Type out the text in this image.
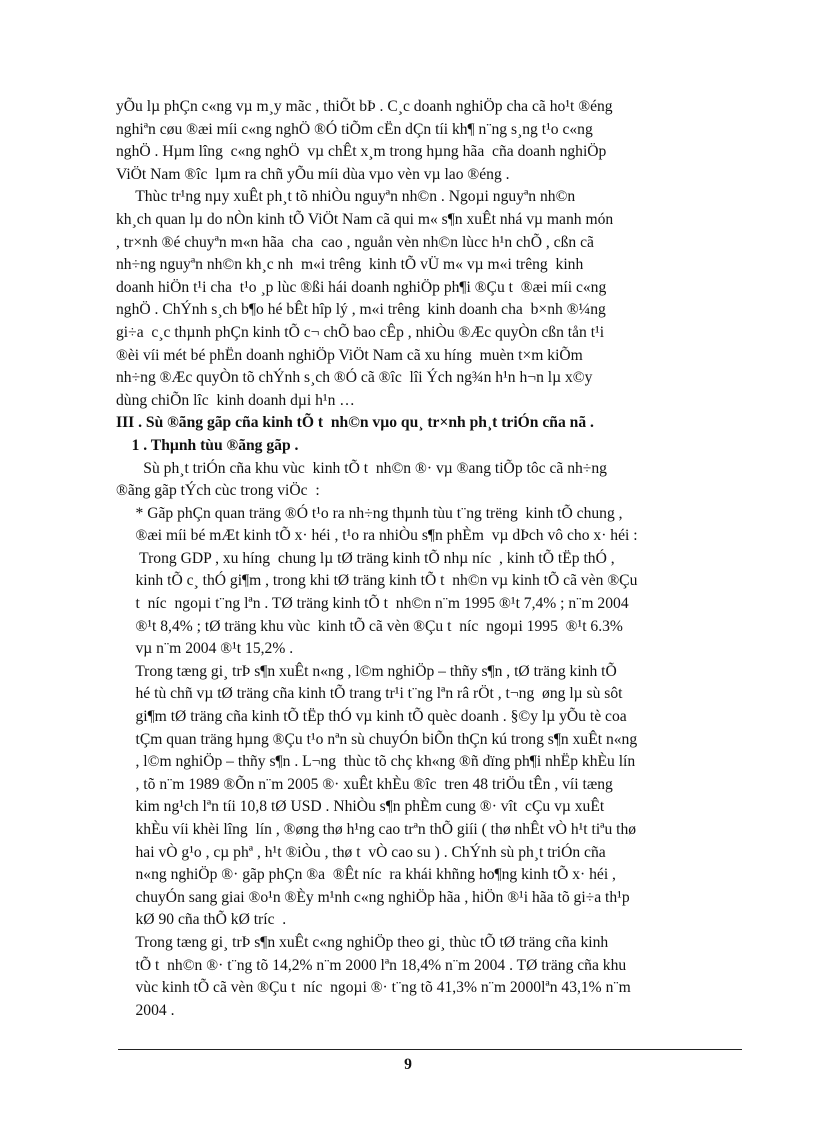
yÕu lµ phÇn c«ng vµ m¸y mãc , thiÕt bÞ . C¸c doanh nghiÖp cha cã ho¹t ®éng
nghiªn cøu ®æi míi c«ng nghÖ ®Ó tiÕm cËn dÇn tíi kh¶ n¨ng s¸ng t¹o c«ng
nghÖ . Hµm lîng  c«ng nghÖ  vµ chÊt x¸m trong hµng hãa  cña doanh nghiÖp
ViÖt Nam ®îc  lµm ra chñ yÕu míi dùa vµo vèn vµ lao ®éng .
Thùc tr¹ng nµy xuÊt ph¸t tõ nhiÒu nguyªn nh©n . Ngoµi nguyªn nh©n
kh¸ch quan lµ do nÒn kinh tÕ ViÖt Nam cã qui m« s¶n xuÊt nhá vµ manh món
, tr×nh ®é chuyªn m«n hãa  cha  cao , nguån vèn nh©n lùcc h¹n chÕ , cßn cã
nh÷ng nguyªn nh©n kh¸c nh  m«i trêng  kinh tÕ vÜ m« vµ m«i trêng  kinh
doanh hiÖn t¹i cha  t¹o ¸p lùc ®ßi hái doanh nghiÖp ph¶i ®Çu t  ®æi míi c«ng
nghÖ . ChÝnh s¸ch b¶o hé bÊt hîp lý , m«i trêng  kinh doanh cha  b×nh ®¼ng
gi÷a  c¸c thµnh phÇn kinh tÕ c¬ chÕ bao cÊp , nhiÒu ®Æc quyÒn cßn tån t¹i
®èi víi mét bé phËn doanh nghiÖp ViÖt Nam cã xu híng  muèn t×m kiÕm
nh÷ng ®Æc quyÒn tõ chÝnh s¸ch ®Ó cã ®îc  lîi Ých ng¾n h¹n h¬n lµ x©y
dùng chiÕn lîc  kinh doanh dµi h¹n …
III . Sù ®ãng gãp cña kinh tÕ t  nh©n vµo qu¸ tr×nh ph¸t triÓn cña nã .
1 . Thµnh tùu ®ãng gãp .
Sù ph¸t triÓn cña khu vùc  kinh tÕ t  nh©n ®· vµ ®ang tiÕp tôc cã nh÷ng
®ãng gãp tÝch cùc trong viÖc  :
* Gãp phÇn quan träng ®Ó t¹o ra nh÷ng thµnh tùu t¨ng trëng  kinh tÕ chung ,
®æi míi bé mÆt kinh tÕ x· héi , t¹o ra nhiÒu s¶n phÈm  vµ dÞch vô cho x· héi :
Trong GDP , xu híng  chung lµ tØ träng kinh tÕ nhµ níc  , kinh tÕ tËp thÓ ,
kinh tÕ c¸ thÓ gi¶m , trong khi tØ träng kinh tÕ t  nh©n vµ kinh tÕ cã vèn ®Çu
t  níc  ngoµi t¨ng lªn . TØ träng kinh tÕ t  nh©n n¨m 1995 ®¹t 7,4% ; n¨m 2004
®¹t 8,4% ; tØ träng khu vùc  kinh tÕ cã vèn ®Çu t  níc  ngoµi 1995  ®¹t 6.3%
vµ n¨m 2004 ®¹t 15,2% .
Trong tæng gi¸ trÞ s¶n xuÊt n«ng , l©m nghiÖp – thñy s¶n , tØ träng kinh tÕ
hé tù chñ vµ tØ träng cña kinh tÕ trang tr¹i t¨ng lªn râ rÖt , t¬ng  øng lµ sù sôt
gi¶m tØ träng cña kinh tÕ tËp thÓ vµ kinh tÕ quèc doanh . §©y lµ yÕu tè coa
tÇm quan träng hµng ®Çu t¹o nªn sù chuyÓn biÕn thÇn kú trong s¶n xuÊt n«ng
, l©m nghiÖp – thñy s¶n . L¬ng  thùc tõ chç kh«ng ®ñ dïng ph¶i nhËp khÈu lín
, tõ n¨m 1989 ®Õn n¨m 2005 ®· xuÊt khÈu ®îc  tren 48 triÖu tÊn , víi tæng
kim ng¹ch lªn tíi 10,8 tØ USD . NhiÒu s¶n phÈm cung ®· vît  cÇu vµ xuÊt
khÈu víi khèi lîng  lín , ®øng thø h¹ng cao trªn thÕ giíi ( thø nhÊt vÒ h¹t tiªu thø
hai vÒ g¹o , cµ phª , h¹t ®iÒu , thø t  vÒ cao su ) . ChÝnh sù ph¸t triÓn cña
n«ng nghiÖp ®· gãp phÇn ®a  ®Êt níc  ra khái khñng ho¶ng kinh tÕ x· héi ,
chuyÓn sang giai ®o¹n ®Èy m¹nh c«ng nghiÖp hãa , hiÖn ®¹i hãa tõ gi÷a th¹p
kØ 90 cña thÕ kØ tríc  .
Trong tæng gi¸ trÞ s¶n xuÊt c«ng nghiÖp theo gi¸ thùc tÕ tØ träng cña kinh
tÕ t  nh©n ®· t¨ng tõ 14,2% n¨m 2000 lªn 18,4% n¨m 2004 . TØ träng cña khu
vùc kinh tÕ cã vèn ®Çu t  níc  ngoµi ®· t¨ng tõ 41,3% n¨m 2000lªn 43,1% n¨m
2004 .
9
